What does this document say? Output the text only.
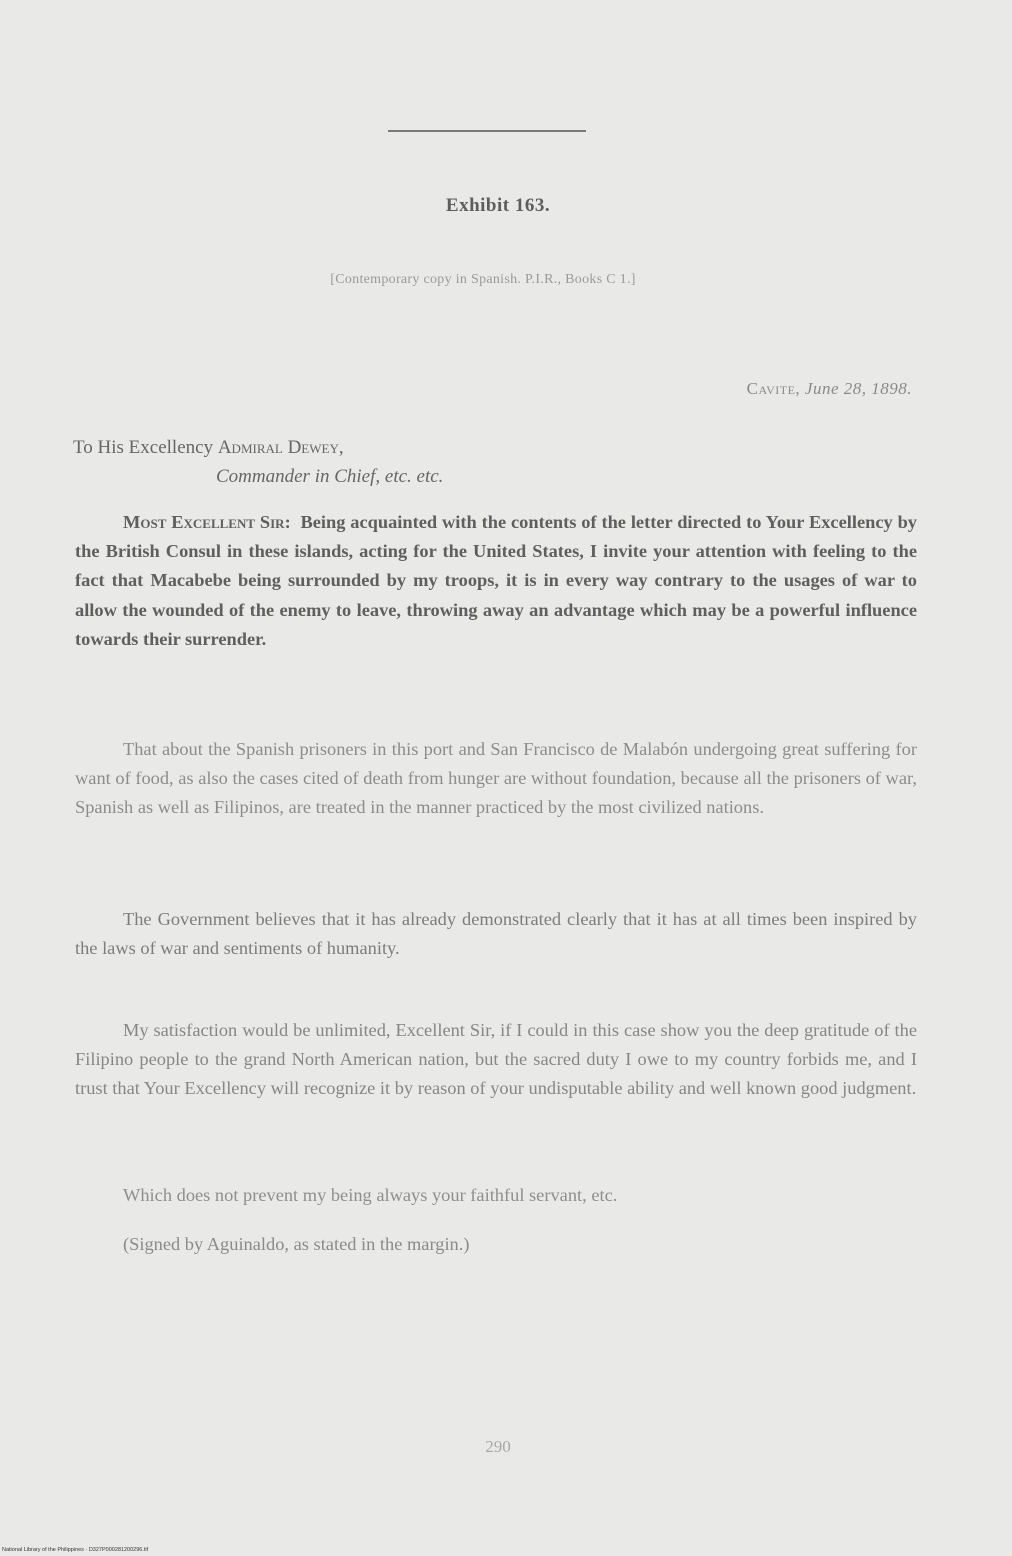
Exhibit 163.
[Contemporary copy in Spanish. P.I.R., Books C 1.]
Cavite, June 28, 1898.
To His Excellency Admiral Dewey,
Commander in Chief, etc. etc.

Most Excellent Sir: Being acquainted with the contents of the letter directed to Your Excellency by the British Consul in these islands, acting for the United States, I invite your attention with feeling to the fact that Macabebe being surrounded by my troops, it is in every way contrary to the usages of war to allow the wounded of the enemy to leave, throwing away an advantage which may be a powerful influence towards their surrender.

That about the Spanish prisoners in this port and San Francisco de Malabón undergoing great suffering for want of food, as also the cases cited of death from hunger are without foundation, because all the prisoners of war, Spanish as well as Filipinos, are treated in the manner practiced by the most civilized nations.

The Government believes that it has already demonstrated clearly that it has at all times been inspired by the laws of war and sentiments of humanity.

My satisfaction would be unlimited, Excellent Sir, if I could in this case show you the deep gratitude of the Filipino people to the grand North American nation, but the sacred duty I owe to my country forbids me, and I trust that Your Excellency will recognize it by reason of your undisputable ability and well known good judgment.

Which does not prevent my being always your faithful servant, etc.

(Signed by Aguinaldo, as stated in the margin.)

290
National Library of the Philippines · D327P000281200296.tif
